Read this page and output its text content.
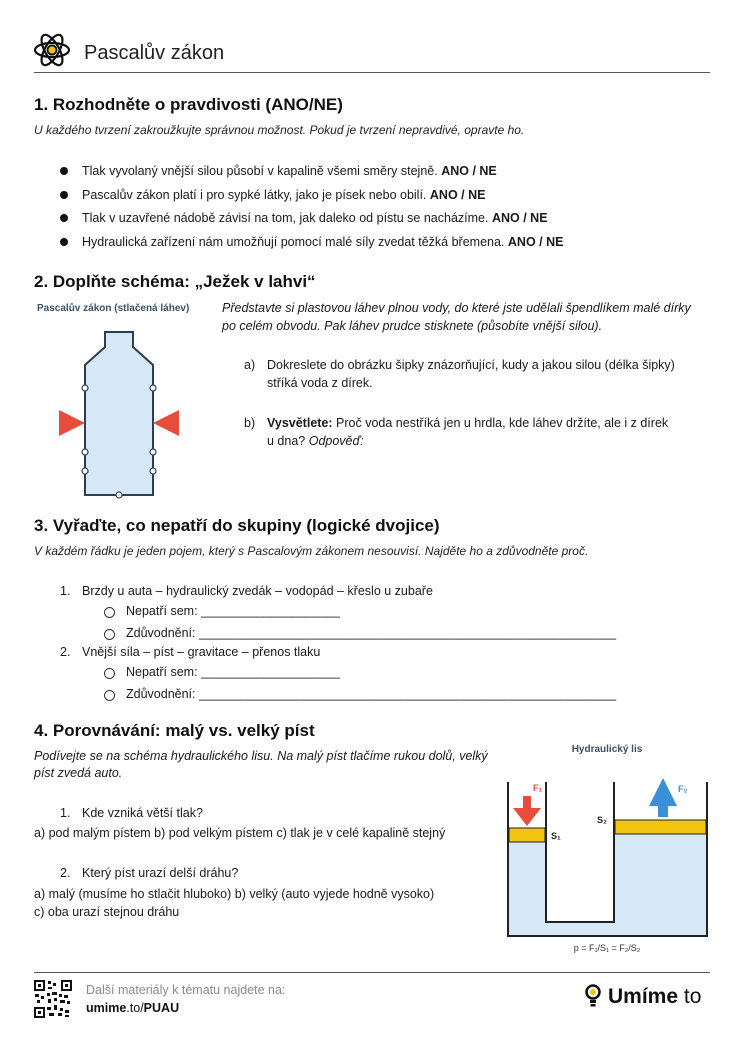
Pascalův zákon
1. Rozhodněte o pravdivosti (ANO/NE)
U každého tvrzení zakroužkujte správnou možnost. Pokud je tvrzení nepravdivé, opravte ho.
Tlak vyvolaný vnější silou působí v kapalině všemi směry stejně. ANO / NE
Pascalův zákon platí i pro sypké látky, jako je písek nebo obilí. ANO / NE
Tlak v uzavřené nádobě závisí na tom, jak daleko od pístu se nacházíme. ANO / NE
Hydraulická zařízení nám umožňují pomocí malé síly zvedat těžká břemena. ANO / NE
2. Doplňte schéma: „Ježek v lahvi“
Pascalův zákon (stlačená láhev)	Představte si plastovou láhev plnou vody, do které jste udělali špendlíkem malé dírky
po celém obvodu. Pak láhev prudce stisknete (působíte vnější silou).
a) Dokreslete do obrázku šipky znázorňující, kudy a jakou silou (délka šipky)
stříká voda z dírek.
b) Vysvětlete: Proč voda nestříká jen u hrdla, kde láhev držíte, ale i z dírek
u dna? Odpověď:
3. Vyřaďte, co nepatří do skupiny (logické dvojice)
V každém řádku je jeden pojem, který s Pascalovým zákonem nesouvisí. Najděte ho a zdůvodněte proč.
1. Brzdy u auta – hydraulický zvedák – vodopád – křeslo u zubaře
Nepatří sem: ____________________
Zdůvodnění: ____________________________________________________________
2. Vnější síla – píst – gravitace – přenos tlaku
Nepatří sem: ____________________
Zdůvodnění: ____________________________________________________________
4. Porovnávání: malý vs. velký píst
Podívejte se na schéma hydraulického lisu. Na malý píst tlačíme rukou dolů, velký
píst zvedá auto.
1. Kde vzniká větší tlak?
a) pod malým pístem b) pod velkým pístem c) tlak je v celé kapalině stejný
2. Který píst urazí delší dráhu?
a) malý (musíme ho stlačit hluboko) b) velký (auto vyjede hodně vysoko)
c) oba urazí stejnou dráhu
Hydraulický lis
F₁	F₂
S₁
S₂
p = F₁/S₁ = F₂/S₂
Další materiály k tématu najdete na:
umime.to/PUAU	Umíme to
